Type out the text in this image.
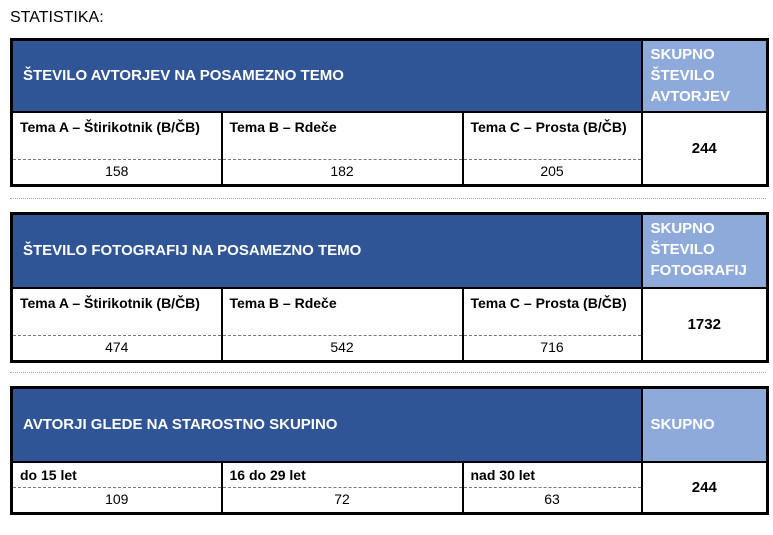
STATISTIKA:
ŠTEVILO AVTORJEV NA POSAMEZNO TEMO			SKUPNO
ŠTEVILO
AVTORJEV
Tema A – Štirikotnik (B/ČB)	Tema B – Rdeče	Tema C – Prosta (B/ČB)	244
158	182	205	
ŠTEVILO FOTOGRAFIJ NA POSAMEZNO TEMO			SKUPNO
ŠTEVILO
FOTOGRAFIJ
Tema A – Štirikotnik (B/ČB)	Tema B – Rdeče	Tema C – Prosta (B/ČB)	1732
474	542	716	
AVTORJI GLEDE NA STAROSTNO SKUPINO			SKUPNO
do 15 let	16 do 29 let	nad 30 let	244
109	72	63	
